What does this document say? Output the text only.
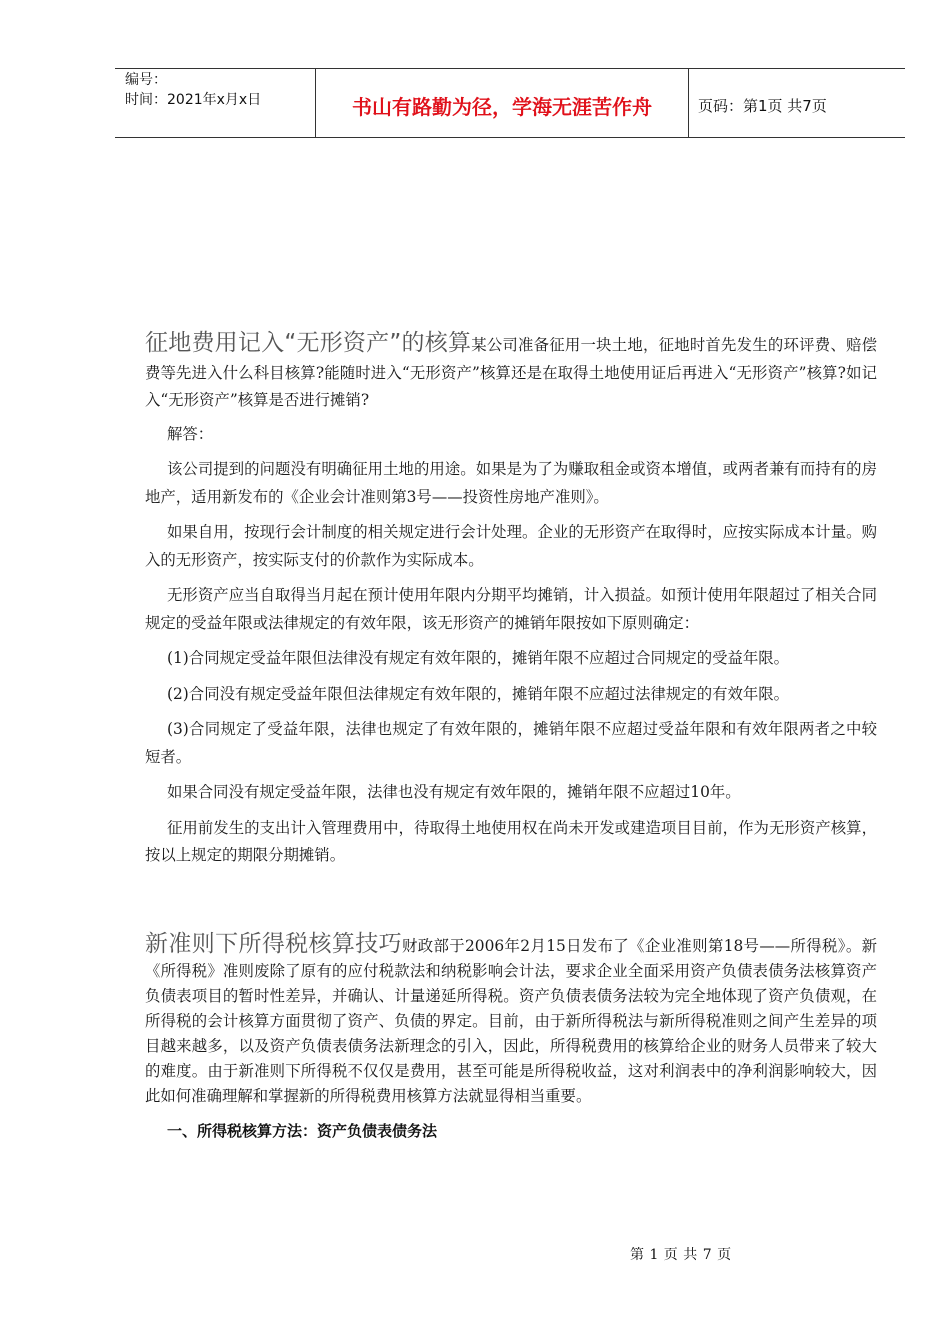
编号：
时间：2021年x月x日	书山有路勤为径，学海无涯苦作舟	页码：第1页 共7页

征地费用记入“无形资产”的核算某公司准备征用一块土地，征地时首先发生的环评费、赔偿费等先进入什么科目核算?能随时进入“无形资产”核算还是在取得土地使用证后再进入“无形资产”核算?如记入“无形资产”核算是否进行摊销?

解答：

该公司提到的问题没有明确征用土地的用途。如果是为了为赚取租金或资本增值，或两者兼有而持有的房地产，适用新发布的《企业会计准则第3号——投资性房地产准则》。

如果自用，按现行会计制度的相关规定进行会计处理。企业的无形资产在取得时，应按实际成本计量。购入的无形资产，按实际支付的价款作为实际成本。

无形资产应当自取得当月起在预计使用年限内分期平均摊销，计入损益。如预计使用年限超过了相关合同规定的受益年限或法律规定的有效年限，该无形资产的摊销年限按如下原则确定：

(1)合同规定受益年限但法律没有规定有效年限的，摊销年限不应超过合同规定的受益年限。

(2)合同没有规定受益年限但法律规定有效年限的，摊销年限不应超过法律规定的有效年限。

(3)合同规定了受益年限，法律也规定了有效年限的，摊销年限不应超过受益年限和有效年限两者之中较短者。

如果合同没有规定受益年限，法律也没有规定有效年限的，摊销年限不应超过10年。

征用前发生的支出计入管理费用中，待取得土地使用权在尚未开发或建造项目目前，作为无形资产核算，按以上规定的期限分期摊销。

新准则下所得税核算技巧财政部于2006年2月15日发布了《企业准则第18号——所得税》。新《所得税》准则废除了原有的应付税款法和纳税影响会计法，要求企业全面采用资产负债表债务法核算资产负债表项目的暂时性差异，并确认、计量递延所得税。资产负债表债务法较为完全地体现了资产负债观，在所得税的会计核算方面贯彻了资产、负债的界定。目前，由于新所得税法与新所得税准则之间产生差异的项目越来越多，以及资产负债表债务法新理念的引入，因此，所得税费用的核算给企业的财务人员带来了较大的难度。由于新准则下所得税不仅仅是费用，甚至可能是所得税收益，这对利润表中的净利润影响较大，因此如何准确理解和掌握新的所得税费用核算方法就显得相当重要。

一、所得税核算方法：资产负债表债务法

第 1 页 共 7 页
